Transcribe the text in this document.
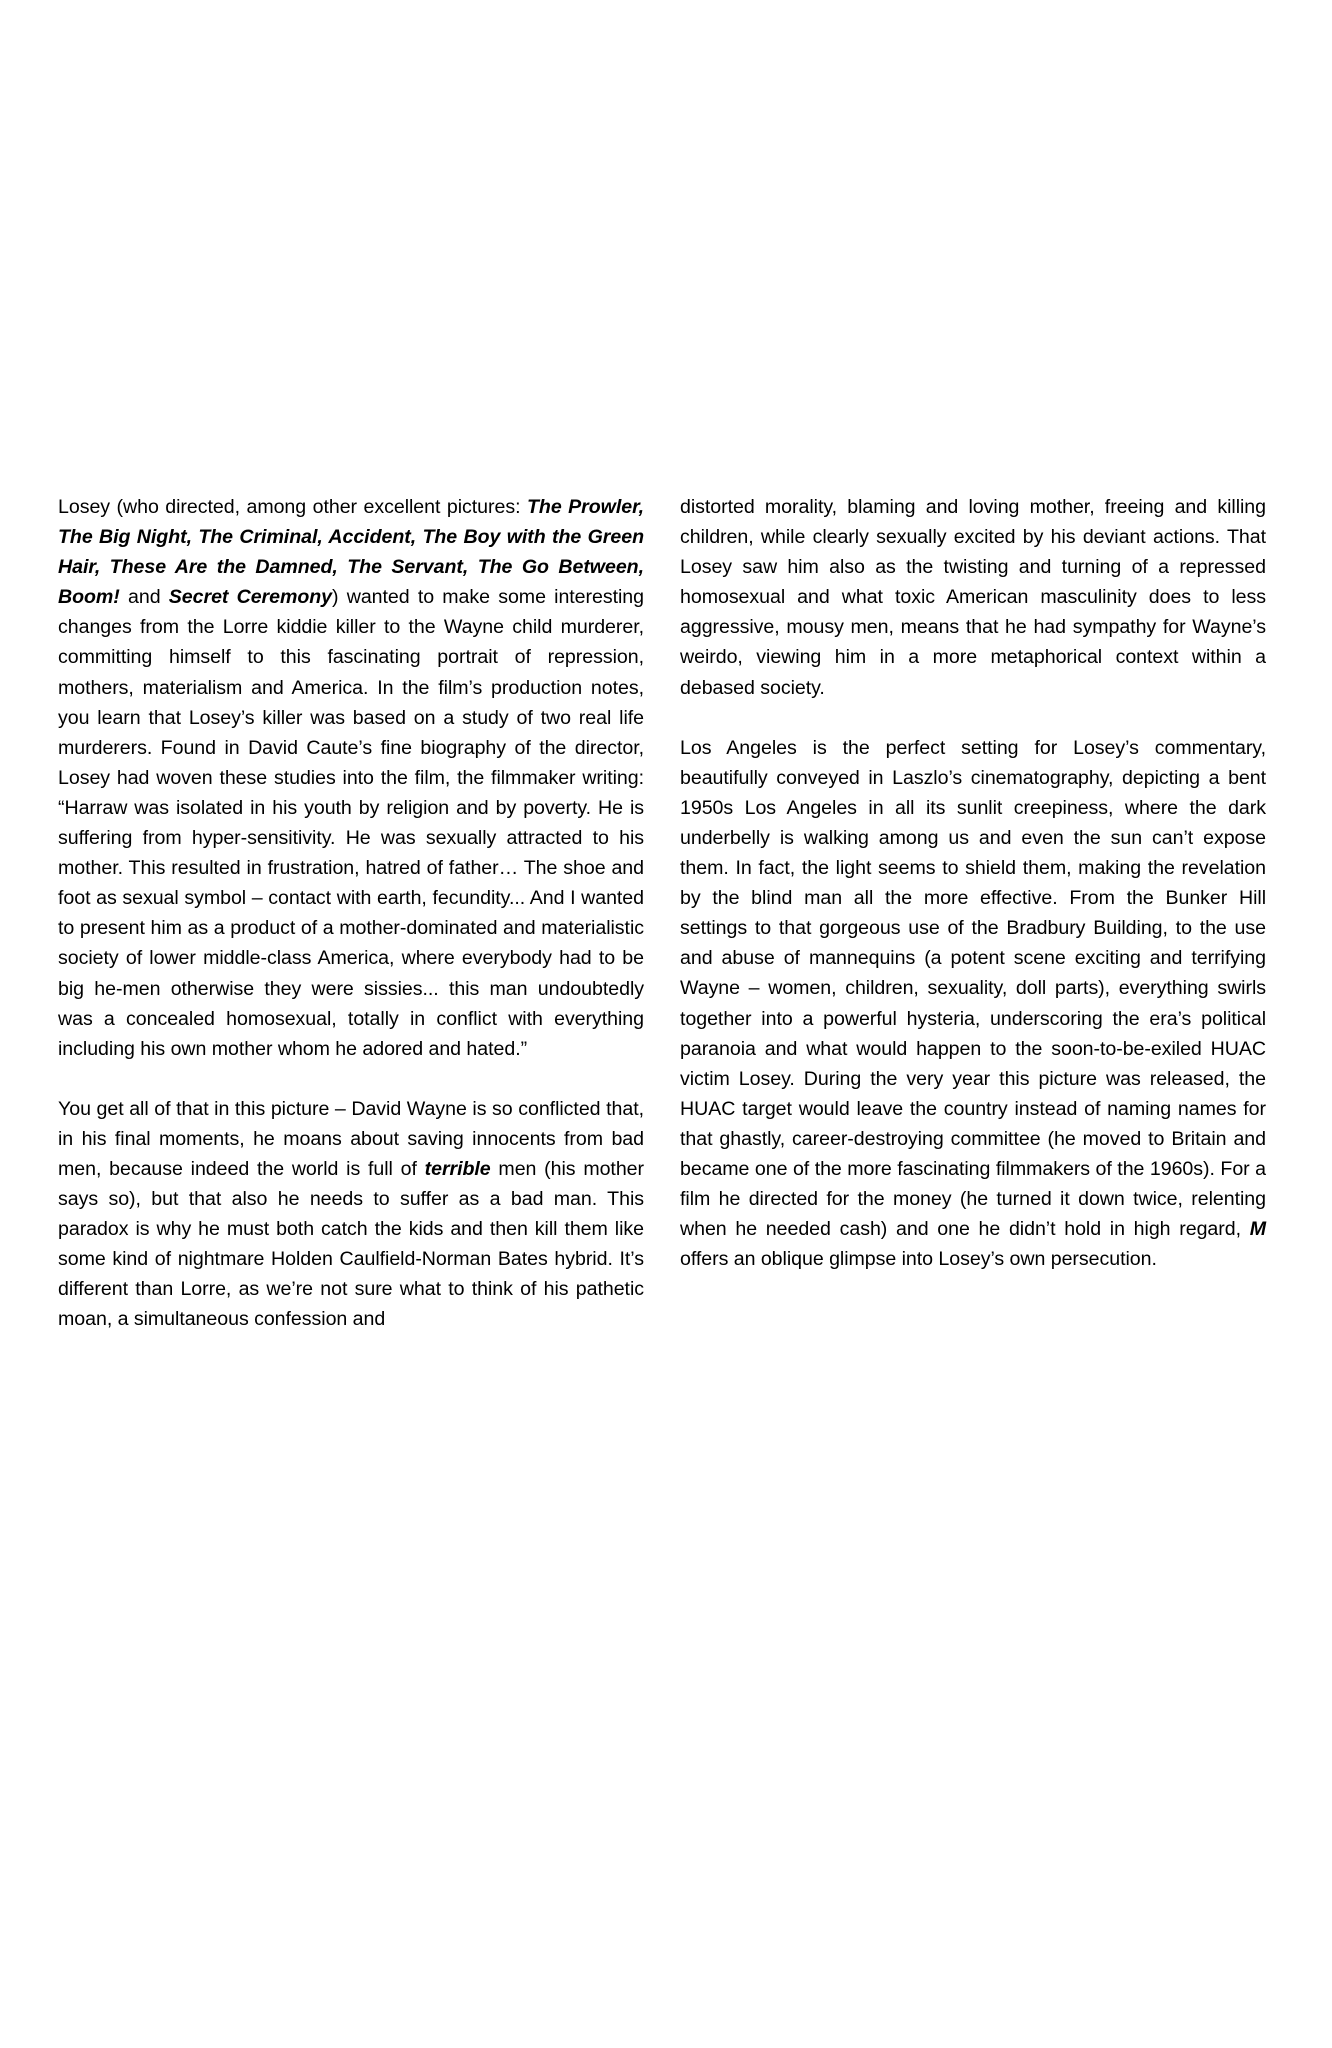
Losey (who directed, among other excellent pictures: The Prowler, The Big Night, The Criminal, Accident, The Boy with the Green Hair, These Are the Damned, The Servant, The Go Between, Boom! and Secret Ceremony) wanted to make some interesting changes from the Lorre kiddie killer to the Wayne child murderer, committing himself to this fascinating portrait of repression, mothers, materialism and America. In the film’s production notes, you learn that Losey’s killer was based on a study of two real life murderers. Found in David Caute’s fine biography of the director, Losey had woven these studies into the film, the filmmaker writing: “Harraw was isolated in his youth by religion and by poverty. He is suffering from hyper-sensitivity. He was sexually attracted to his mother. This resulted in frustration, hatred of father… The shoe and foot as sexual symbol – contact with earth, fecundity... And I wanted to present him as a product of a mother-dominated and materialistic society of lower middle-class America, where everybody had to be big he-men otherwise they were sissies... this man undoubtedly was a concealed homosexual, totally in conflict with everything including his own mother whom he adored and hated.”

You get all of that in this picture – David Wayne is so conflicted that, in his final moments, he moans about saving innocents from bad men, because indeed the world is full of terrible men (his mother says so), but that also he needs to suffer as a bad man. This paradox is why he must both catch the kids and then kill them like some kind of nightmare Holden Caulfield-Norman Bates hybrid. It’s different than Lorre, as we’re not sure what to think of his pathetic moan, a simultaneous confession and

distorted morality, blaming and loving mother, freeing and killing children, while clearly sexually excited by his deviant actions. That Losey saw him also as the twisting and turning of a repressed homosexual and what toxic American masculinity does to less aggressive, mousy men, means that he had sympathy for Wayne’s weirdo, viewing him in a more metaphorical context within a debased society.

Los Angeles is the perfect setting for Losey’s commentary, beautifully conveyed in Laszlo’s cinematography, depicting a bent 1950s Los Angeles in all its sunlit creepiness, where the dark underbelly is walking among us and even the sun can’t expose them. In fact, the light seems to shield them, making the revelation by the blind man all the more effective. From the Bunker Hill settings to that gorgeous use of the Bradbury Building, to the use and abuse of mannequins (a potent scene exciting and terrifying Wayne – women, children, sexuality, doll parts), everything swirls together into a powerful hysteria, underscoring the era’s political paranoia and what would happen to the soon-to-be-exiled HUAC victim Losey. During the very year this picture was released, the HUAC target would leave the country instead of naming names for that ghastly, career-destroying committee (he moved to Britain and became one of the more fascinating filmmakers of the 1960s). For a film he directed for the money (he turned it down twice, relenting when he needed cash) and one he didn’t hold in high regard, M offers an oblique glimpse into Losey’s own persecution.
